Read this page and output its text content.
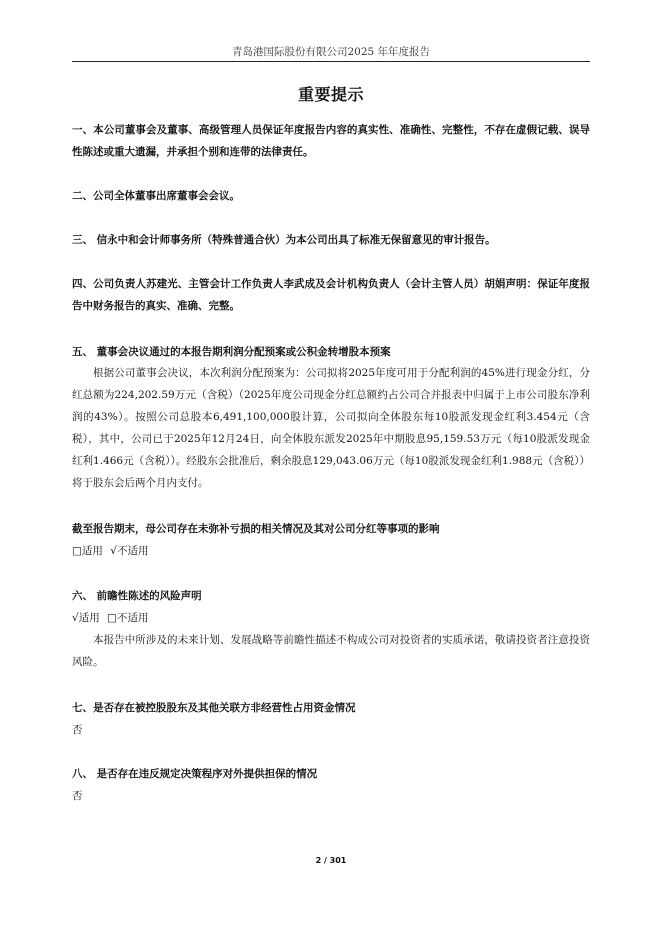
青岛港国际股份有限公司2025 年年度报告
重要提示
一、本公司董事会及董事、高级管理人员保证年度报告内容的真实性、准确性、完整性，不存在虚假记载、误导性陈述或重大遗漏，并承担个别和连带的法律责任。
二、公司全体董事出席董事会会议。
三、 信永中和会计师事务所（特殊普通合伙）为本公司出具了标准无保留意见的审计报告。
四、公司负责人苏建光、主管会计工作负责人李武成及会计机构负责人（会计主管人员）胡娟声明：保证年度报告中财务报告的真实、准确、完整。
五、 董事会决议通过的本报告期利润分配预案或公积金转增股本预案
根据公司董事会决议，本次利润分配预案为：公司拟将2025年度可用于分配利润的45%进行现金分红，分红总额为224,202.59万元（含税）（2025年度公司现金分红总额约占公司合并报表中归属于上市公司股东净利润的43%）。按照公司总股本6,491,100,000股计算，公司拟向全体股东每10股派发现金红利3.454元（含税），其中，公司已于2025年12月24日，向全体股东派发2025年中期股息95,159.53万元（每10股派发现金红利1.466元（含税））。经股东会批准后，剩余股息129,043.06万元（每10股派发现金红利1.988元（含税））将于股东会后两个月内支付。
截至报告期末，母公司存在未弥补亏损的相关情况及其对公司分红等事项的影响
□适用 √不适用
六、 前瞻性陈述的风险声明
√适用 □不适用
本报告中所涉及的未来计划、发展战略等前瞻性描述不构成公司对投资者的实质承诺，敬请投资者注意投资风险。
七、是否存在被控股股东及其他关联方非经营性占用资金情况
否
八、 是否存在违反规定决策程序对外提供担保的情况
否
2 / 301
